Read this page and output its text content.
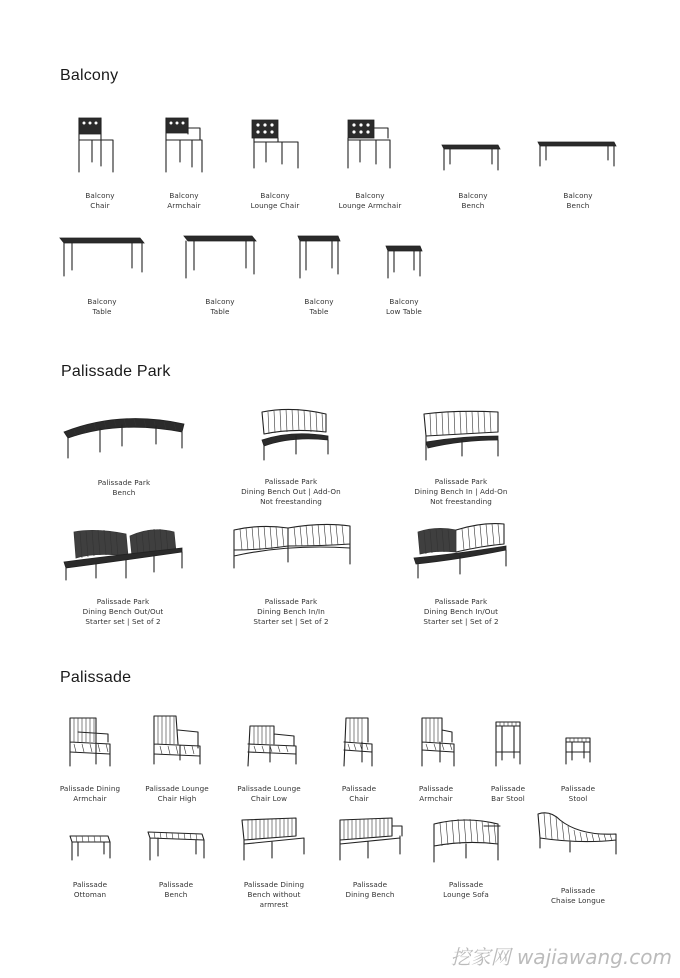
Balcony
Palissade Park
Palissade

Balcony
Chair

Balcony
Armchair

Balcony
Lounge Chair

Balcony
Lounge Armchair

Balcony
Bench

Balcony
Bench

Balcony
Table

Balcony
Table

Balcony
Table

Balcony
Low Table

Palissade Park
Bench

Palissade Park
Dining Bench Out | Add-On
Not freestanding

Palissade Park
Dining Bench In | Add-On
Not freestanding

Palissade Park
Dining Bench Out/Out
Starter set | Set of 2

Palissade Park
Dining Bench In/In
Starter set | Set of 2

Palissade Park
Dining Bench In/Out
Starter set | Set of 2

Palissade Dining
Armchair

Palissade Lounge
Chair High

Palissade Lounge
Chair Low

Palissade
Chair

Palissade
Armchair

Palissade
Bar Stool

Palissade
Stool

Palissade
Ottoman

Palissade
Bench

Palissade Dining
Bench without armrest

Palissade
Dining Bench

Palissade
Lounge Sofa	Palissade
Chaise Longue

挖家网 wajiawang.com
